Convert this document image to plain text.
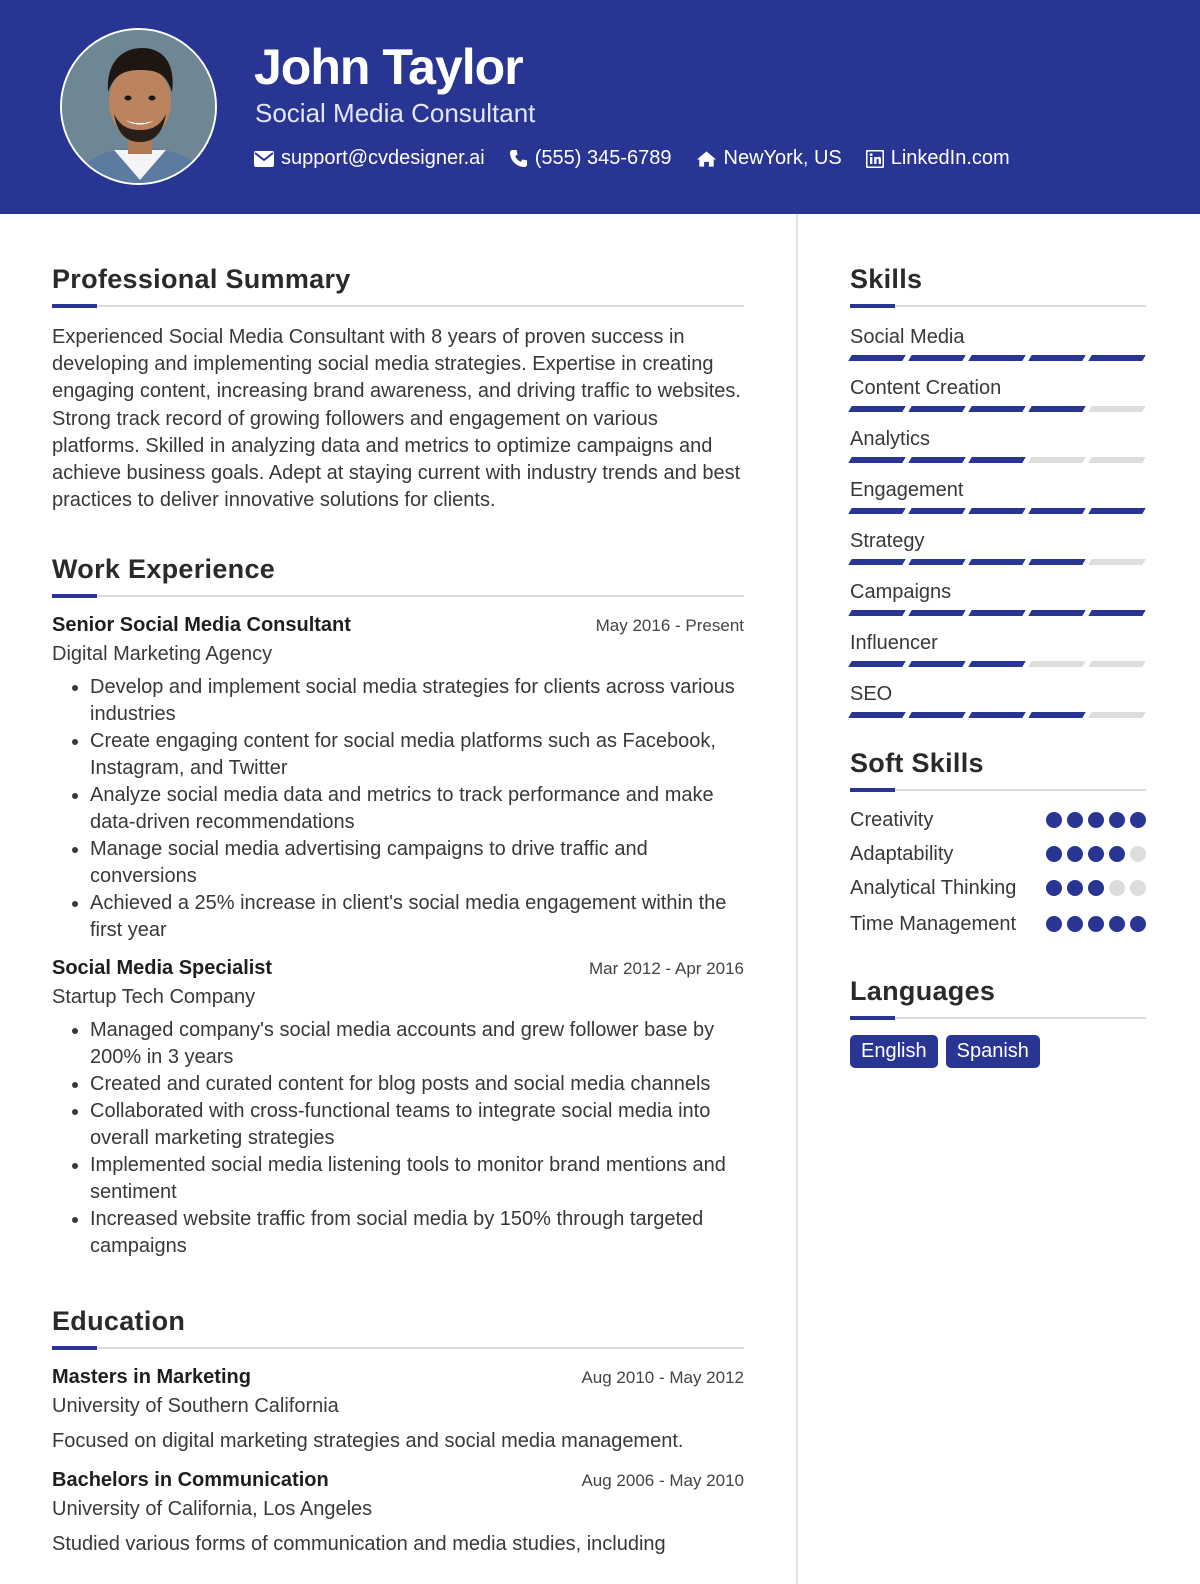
John Taylor
Social Media Consultant
support@cvdesigner.ai	(555) 345-6789	NewYork, US LinkedIn.com
Professional Summary

Experienced Social Media Consultant with 8 years of proven success in developing and implementing social media strategies. Expertise in creating engaging content, increasing brand awareness, and driving traffic to websites. Strong track record of growing followers and engagement on various platforms. Skilled in analyzing data and metrics to optimize campaigns and achieve business goals. Adept at staying current with industry trends and best practices to deliver innovative solutions for clients.

Work Experience
Senior Social Media Consultant	May 2016 - Present
Digital Marketing Agency
• Develop and implement social media strategies for clients across various industries
• Create engaging content for social media platforms such as Facebook, Instagram, and Twitter
• Analyze social media data and metrics to track performance and make data-driven recommendations
• Manage social media advertising campaigns to drive traffic and conversions
• Achieved a 25% increase in client's social media engagement within the first year
Social Media Specialist	Mar 2012 - Apr 2016
Startup Tech Company
• Managed company's social media accounts and grew follower base by 200% in 3 years
• Created and curated content for blog posts and social media channels
• Collaborated with cross-functional teams to integrate social media into overall marketing strategies
• Implemented social media listening tools to monitor brand mentions and sentiment
• Increased website traffic from social media by 150% through targeted campaigns
Education
Masters in Marketing	Aug 2010 - May 2012
University of Southern California
Focused on digital marketing strategies and social media management.
Bachelors in Communication	Aug 2006 - May 2010
University of California, Los Angeles
Studied various forms of communication and media studies, including
Skills
Social Media
Content Creation
Analytics
Engagement
Strategy
Campaigns
Influencer
SEO
Soft Skills
Creativity
Adaptability
Analytical Thinking
Time Management
Languages
English	Spanish
